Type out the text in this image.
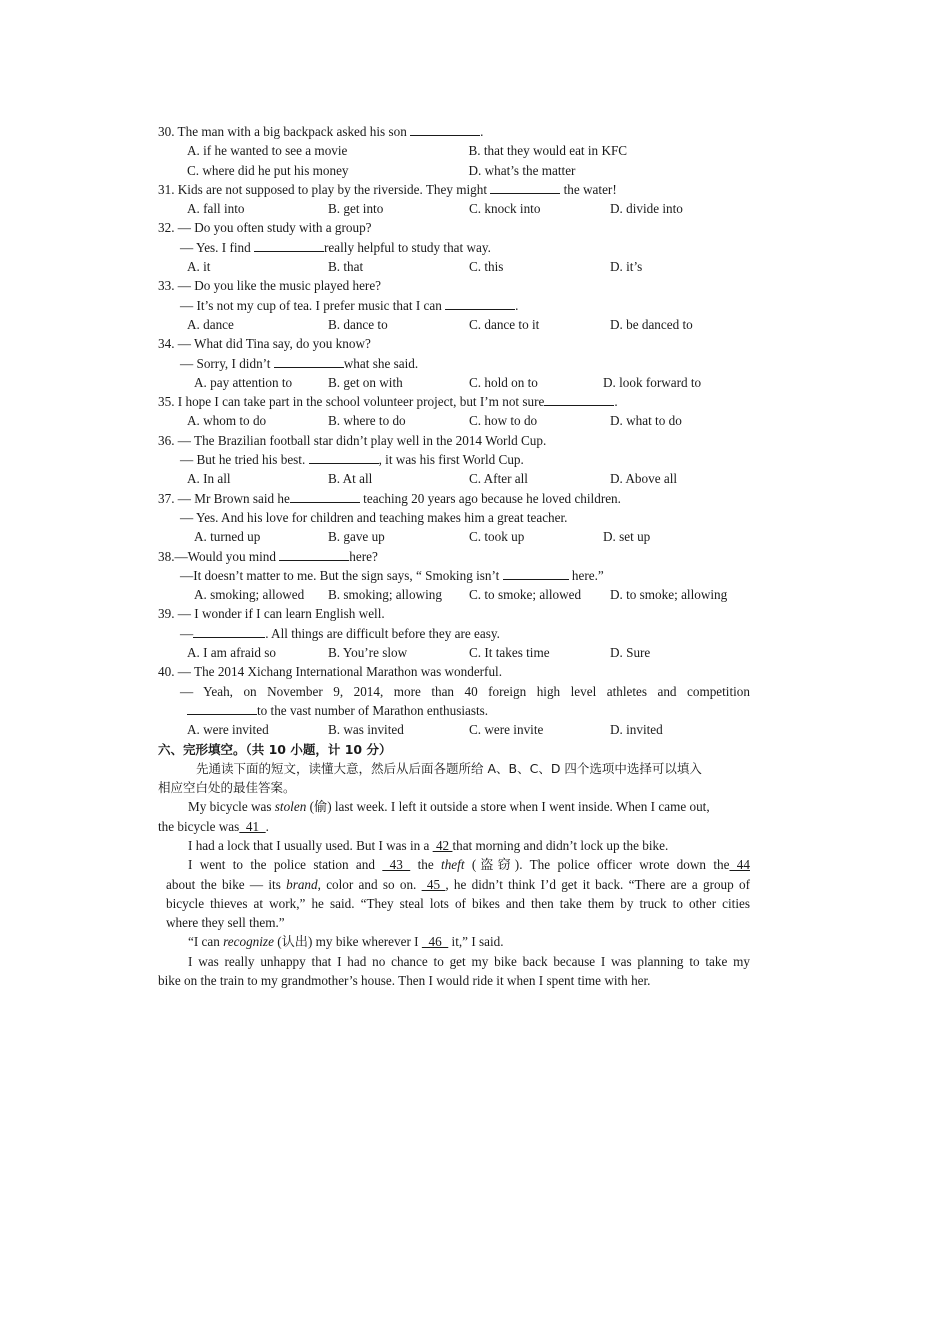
30. The man with a big backpack asked his son	.
A. if he wanted to see a movie	B. that they would eat in KFC
C. where did he put his money	D. what’s the matter
31. Kids are not supposed to play by the riverside. They might	the water!
A. fall into	B. get into	C. knock into	D. divide into
32. — Do you often study with a group?
— Yes. I find	really helpful to study that way.
A. it	B. that	C. this	D. it’s
33. — Do you like the music played here?
— It’s not my cup of tea. I prefer music that I can	.
A. dance	B. dance to	C. dance to it	D. be danced to
34. — What did Tina say, do you know?
— Sorry, I didn’t	what she said.
A. pay attention to	B. get on with	C. hold on to	D. look forward to
35. I hope I can take part in the school volunteer project, but I’m not sure	.
A. whom to do	B. where to do	C. how to do	D. what to do
36. — The Brazilian football star didn’t play well in the 2014 World Cup.
— But he tried his best.	, it was his first World Cup.
A. In all	B. At all	C. After all	D. Above all
37. — Mr Brown said he	teaching 20 years ago because he loved children.
— Yes. And his love for children and teaching makes him a great teacher.
A. turned up	B. gave up	C. took up	D. set up
38.—Would you mind	here?
—It doesn’t matter to me. But the sign says, “ Smoking isn’t	here.”
A. smoking; allowed	B. smoking; allowing	C. to smoke; allowed	D. to smoke; allowing
39. — I wonder if I can learn English well.
—	. All things are difficult before they are easy.
A. I am afraid so	B. You’re slow	C. It takes time	D. Sure
40. — The 2014 Xichang International Marathon was wonderful.
— Yeah, on November 9, 2014, more than 40 foreign high level athletes and competition
to the vast number of Marathon enthusiasts.
A. were invited	B. was invited	C. were invite	D. invited
六、完形填空。（共 10 小题，计 10 分）
先通读下面的短文，读懂大意，然后从后面各题所给 A、B、C、D 四个选项中选择可以填入
相应空白处的最佳答案。
My bicycle was stolen (偷) last week. I left it outside a store when I went inside. When I came out,
the bicycle was  41  .
I had a lock that I usually used. But I was in a  42 that morning and didn’t lock up the bike.
I went to the police station and  43  the theft (盗窃). The police officer wrote down the 44
about the bike — its brand, color and so on.  45 , he didn’t think I’d get it back. “There are a group of
bicycle thieves at work,” he said. “They steal lots of bikes and then take them by truck to other cities
where they sell them.”
“I can recognize (认出) my bike wherever I   46   it,” I said.
I was really unhappy that I had no chance to get my bike back because I was planning to take my
bike on the train to my grandmother’s house. Then I would ride it when I spent time with her.
